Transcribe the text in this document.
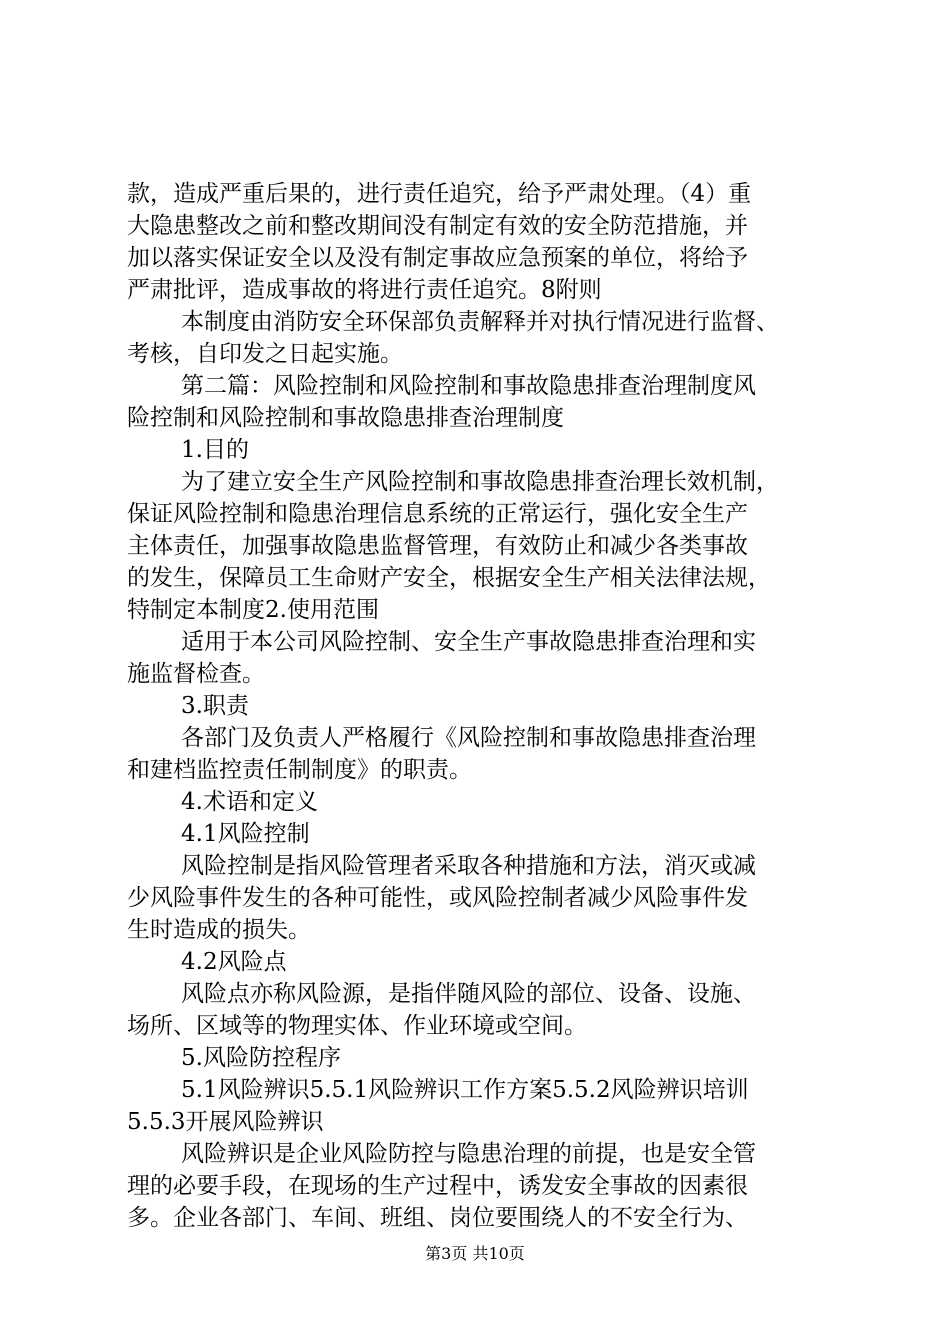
款，造成严重后果的，进行责任追究，给予严肃处理。（4）重
大隐患整改之前和整改期间没有制定有效的安全防范措施，并
加以落实保证安全以及没有制定事故应急预案的单位，将给予
严肃批评，造成事故的将进行责任追究。8附则
本制度由消防安全环保部负责解释并对执行情况进行监督、
考核，自印发之日起实施。
第二篇：风险控制和风险控制和事故隐患排查治理制度风
险控制和风险控制和事故隐患排查治理制度
1.目的
为了建立安全生产风险控制和事故隐患排查治理长效机制，
保证风险控制和隐患治理信息系统的正常运行，强化安全生产
主体责任，加强事故隐患监督管理，有效防止和减少各类事故
的发生，保障员工生命财产安全，根据安全生产相关法律法规，
特制定本制度2.使用范围
适用于本公司风险控制、安全生产事故隐患排查治理和实
施监督检查。
3.职责
各部门及负责人严格履行《风险控制和事故隐患排查治理
和建档监控责任制制度》的职责。
4.术语和定义
4.1风险控制
风险控制是指风险管理者采取各种措施和方法，消灭或减
少风险事件发生的各种可能性，或风险控制者减少风险事件发
生时造成的损失。
4.2风险点
风险点亦称风险源，是指伴随风险的部位、设备、设施、
场所、区域等的物理实体、作业环境或空间。
5.风险防控程序
5.1风险辨识5.5.1风险辨识工作方案5.5.2风险辨识培训
5.5.3开展风险辨识
风险辨识是企业风险防控与隐患治理的前提，也是安全管
理的必要手段，在现场的生产过程中，诱发安全事故的因素很
多。企业各部门、车间、班组、岗位要围绕人的不安全行为、
第3页 共10页
